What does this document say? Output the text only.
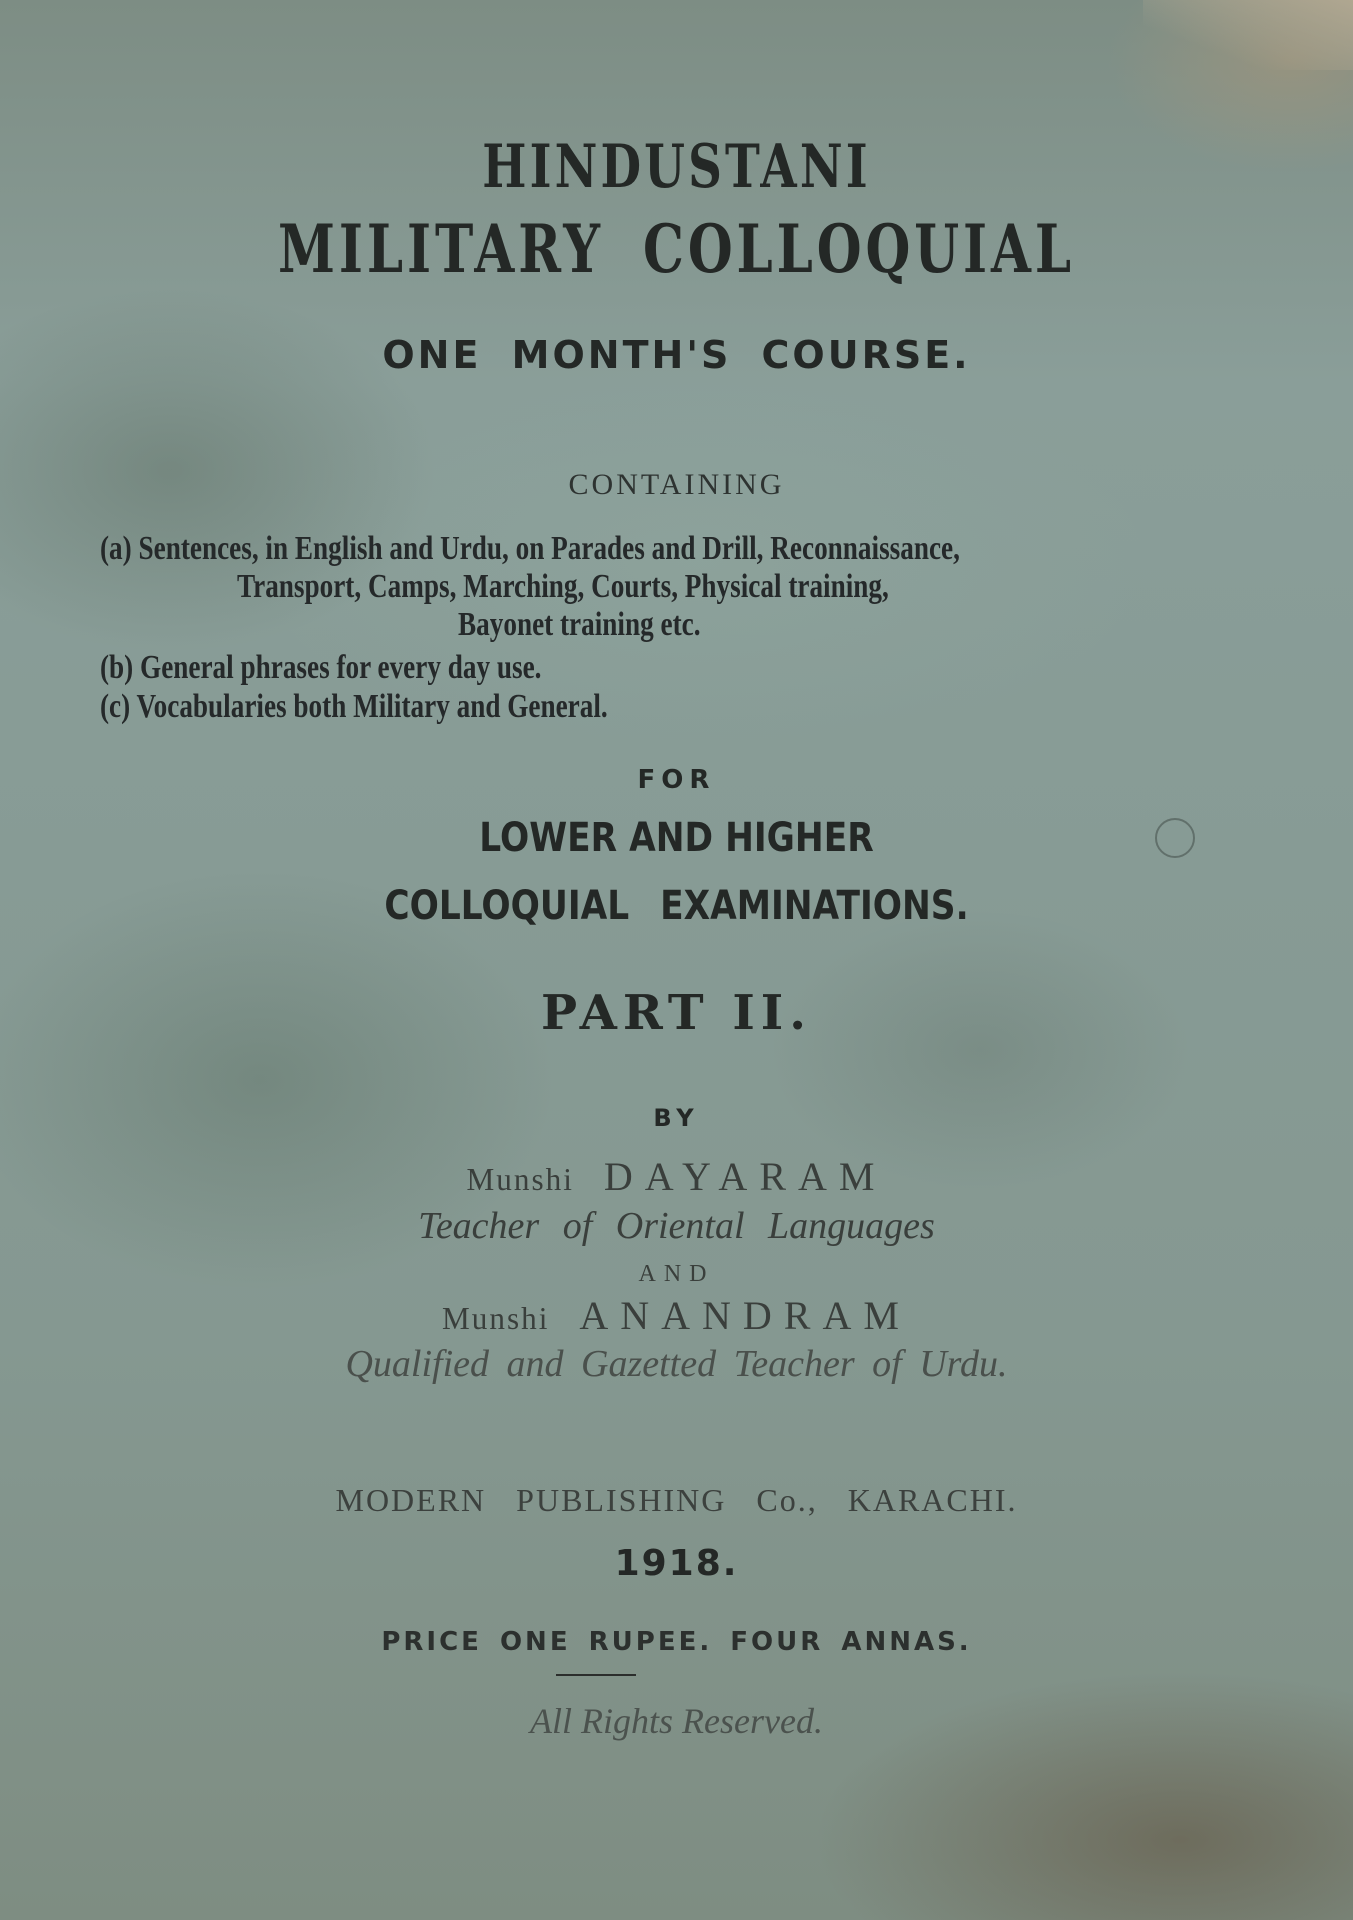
HINDUSTANI
MILITARY COLLOQUIAL

ONE MONTH'S COURSE.

CONTAINING

(a) Sentences, in English and Urdu, on Parades and Drill, Reconnaissance,

Transport, Camps, Marching, Courts, Physical training,

Bayonet training etc.

(b) General phrases for every day use.

(c) Vocabularies both Military and General.

FOR

LOWER AND HIGHER

COLLOQUIAL EXAMINATIONS.

PART II.

BY

Munshi DAYARAM

Teacher of Oriental Languages

AND

Munshi ANANDRAM

Qualified and Gazetted Teacher of Urdu.

MODERN PUBLISHING Co., KARACHI.

1918.

PRICE ONE RUPEE. FOUR ANNAS.

All Rights Reserved.
